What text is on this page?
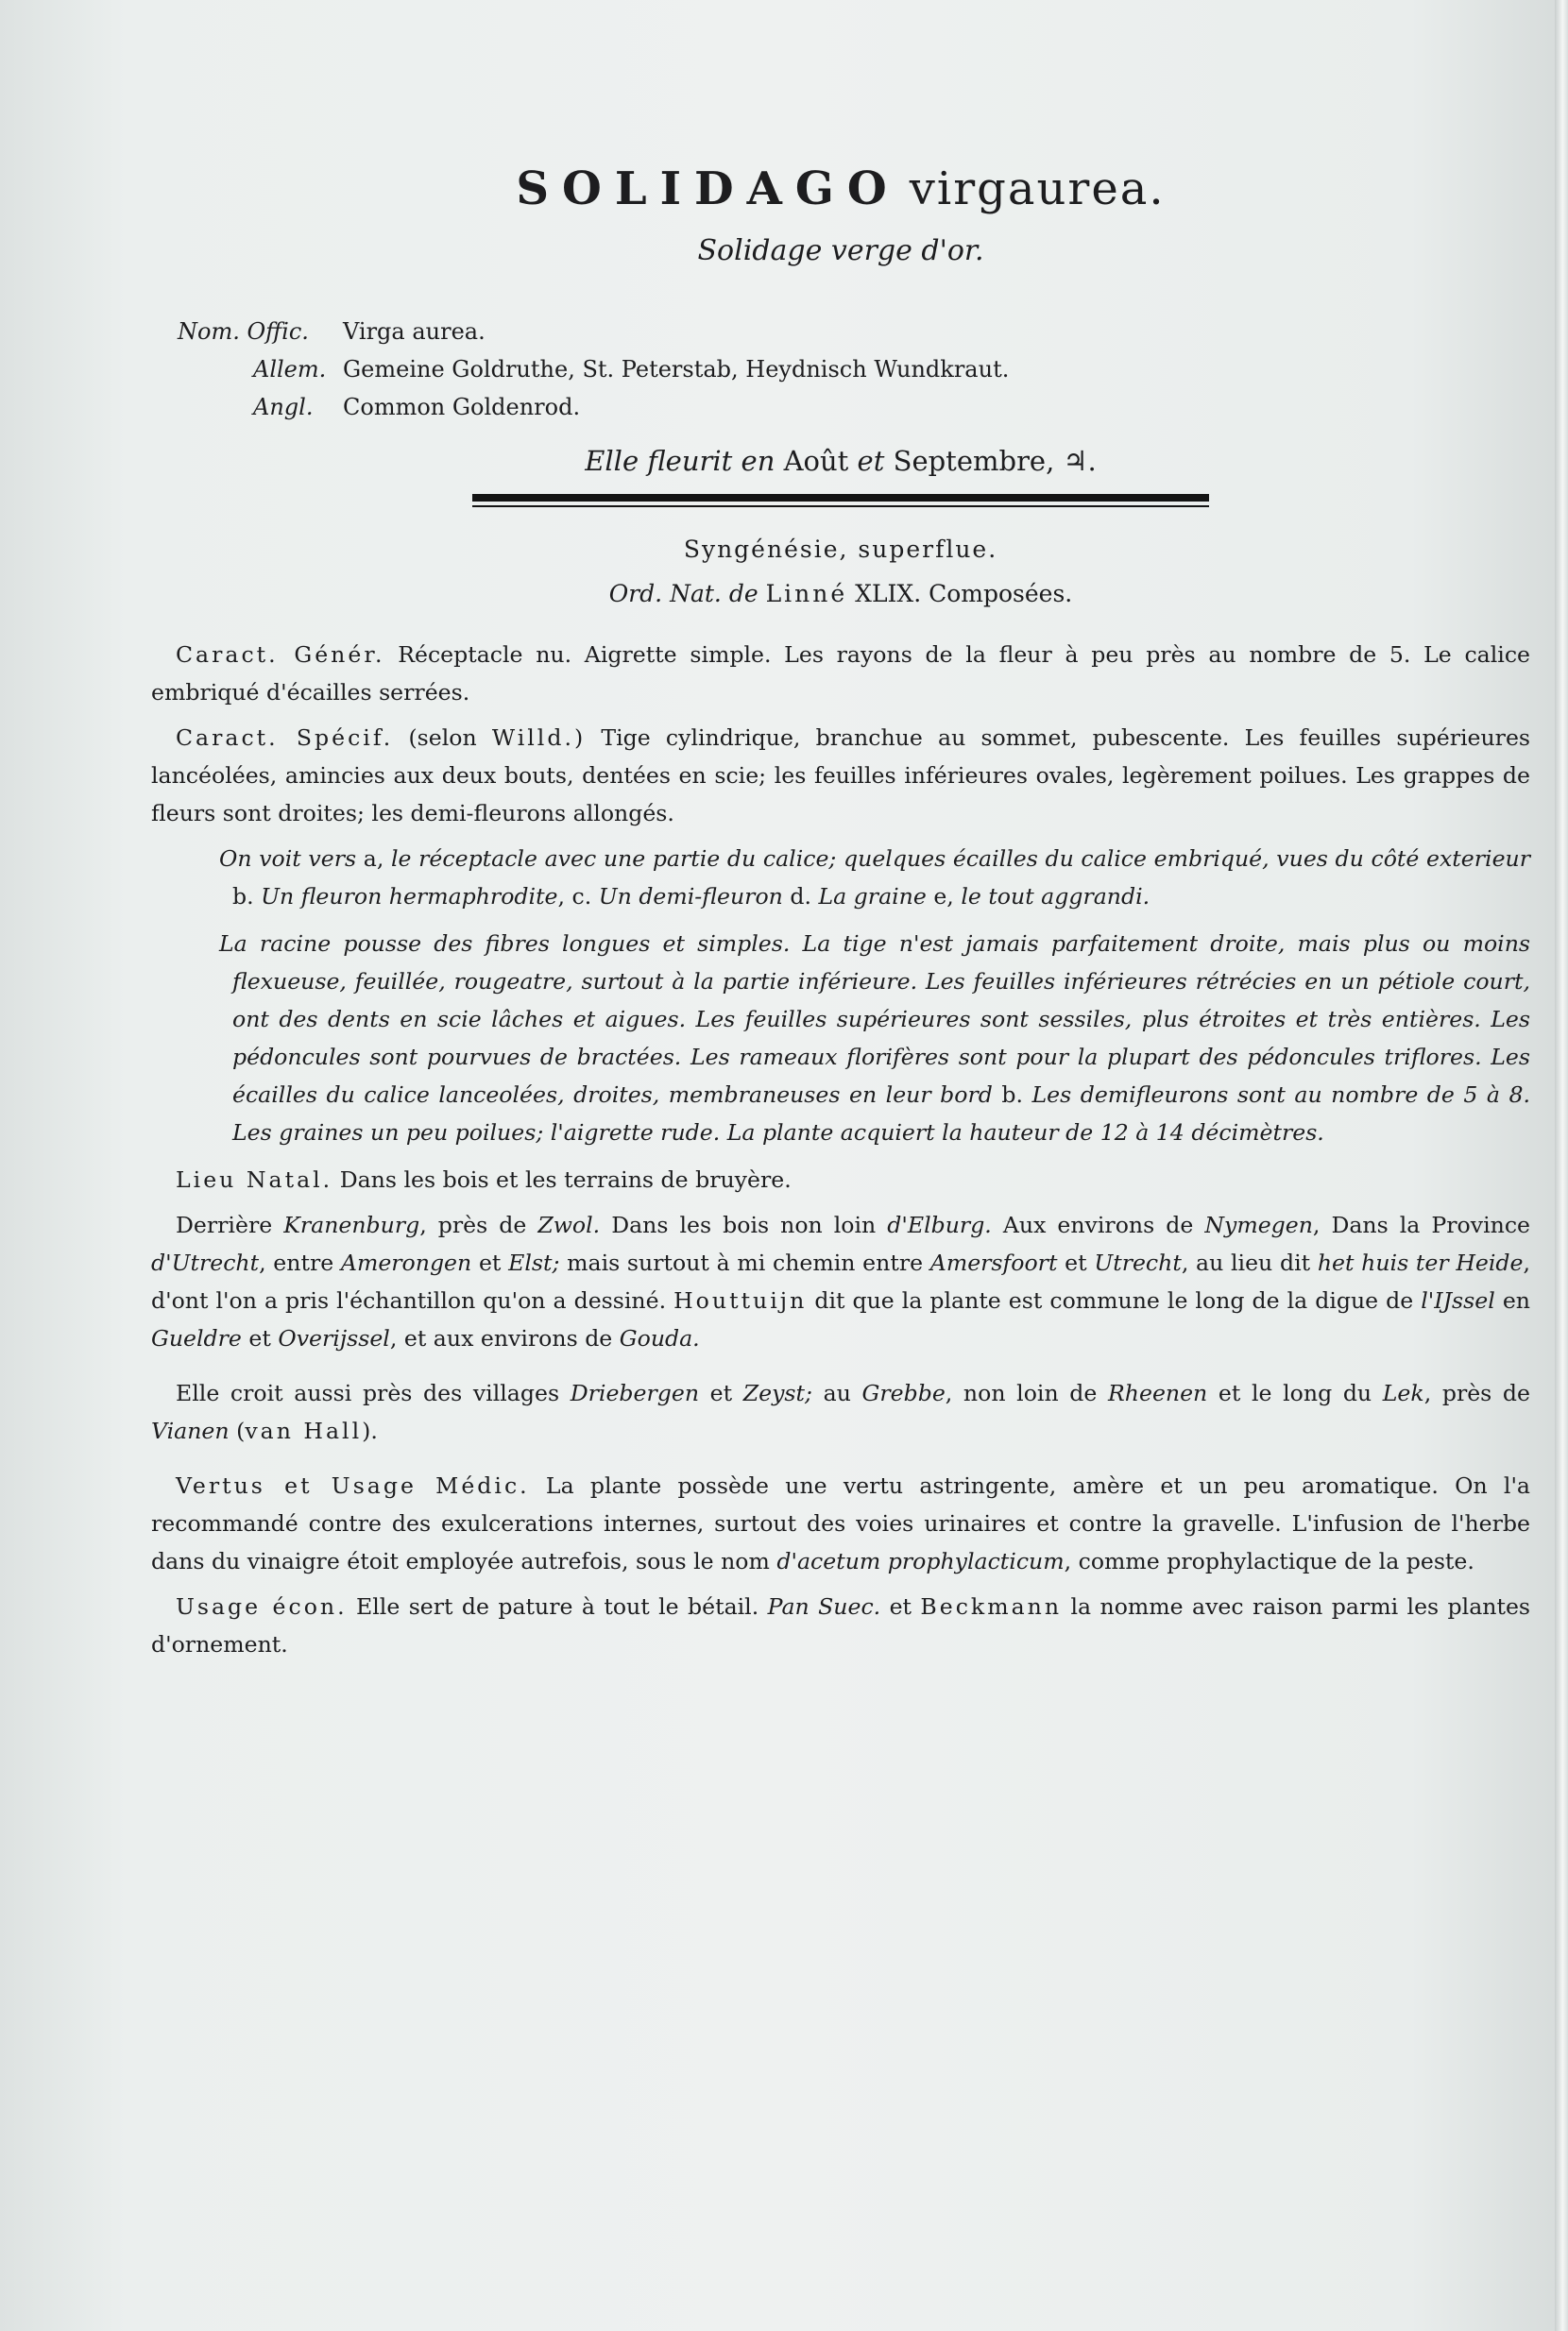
SOLIDAGO virgaurea.
Solidage verge d'or.
Nom. Offic. Virga aurea.
Allem. Gemeine Goldruthe, St. Peterstab, Heydnisch Wundkraut.
Angl. Common Goldenrod.
Elle fleurit en Août et Septembre, ♃.
Syngénésie, superflue.
Ord. Nat. de Linné XLIX. Composées.

Caract. Génér. Réceptacle nu. Aigrette simple. Les rayons de la fleur à peu près au nombre de 5. Le calice embriqué d'écailles serrées.

Caract. Spécif. (selon Willd.) Tige cylindrique, branchue au sommet, pubescente. Les feuilles supérieures lancéolées, amincies aux deux bouts, dentées en scie; les feuilles inférieures ovales, legèrement poilues. Les grappes de fleurs sont droites; les demi-fleurons allongés.

On voit vers a, le réceptacle avec une partie du calice; quelques écailles du calice embriqué, vues du côté exterieur b. Un fleuron hermaphrodite, c. Un demi-fleuron d. La graine e, le tout aggrandi.

La racine pousse des fibres longues et simples. La tige n'est jamais parfaitement droite, mais plus ou moins flexueuse, feuillée, rougeatre, surtout à la partie inférieure. Les feuilles inférieures rétrécies en un pétiole court, ont des dents en scie lâches et aigues. Les feuilles supérieures sont sessiles, plus étroites et très entières. Les pédoncules sont pourvues de bractées. Les rameaux florifères sont pour la plupart des pédoncules triflores. Les écailles du calice lanceolées, droites, membraneuses en leur bord b. Les demifleurons sont au nombre de 5 à 8. Les graines un peu poilues; l'aigrette rude. La plante acquiert la hauteur de 12 à 14 décimètres.

Lieu Natal. Dans les bois et les terrains de bruyère.

Derrière Kranenburg, près de Zwol. Dans les bois non loin d'Elburg. Aux environs de Nymegen, Dans la Province d'Utrecht, entre Amerongen et Elst; mais surtout à mi chemin entre Amersfoort et Utrecht, au lieu dit het huis ter Heide, d'ont l'on a pris l'échantillon qu'on a dessiné. Houttuijn dit que la plante est commune le long de la digue de l'IJssel en Gueldre et Overijssel, et aux environs de Gouda.

Elle croit aussi près des villages Driebergen et Zeyst; au Grebbe, non loin de Rheenen et le long du Lek, près de Vianen (van Hall).

Vertus et Usage Médic. La plante possède une vertu astringente, amère et un peu aromatique. On l'a recommandé contre des exulcerations internes, surtout des voies urinaires et contre la gravelle. L'infusion de l'herbe dans du vinaigre étoit employée autrefois, sous le nom d'acetum prophylacticum, comme prophylactique de la peste.

Usage écon. Elle sert de pature à tout le bétail. Pan Suec. et Beckmann la nomme avec raison parmi les plantes d'ornement.
